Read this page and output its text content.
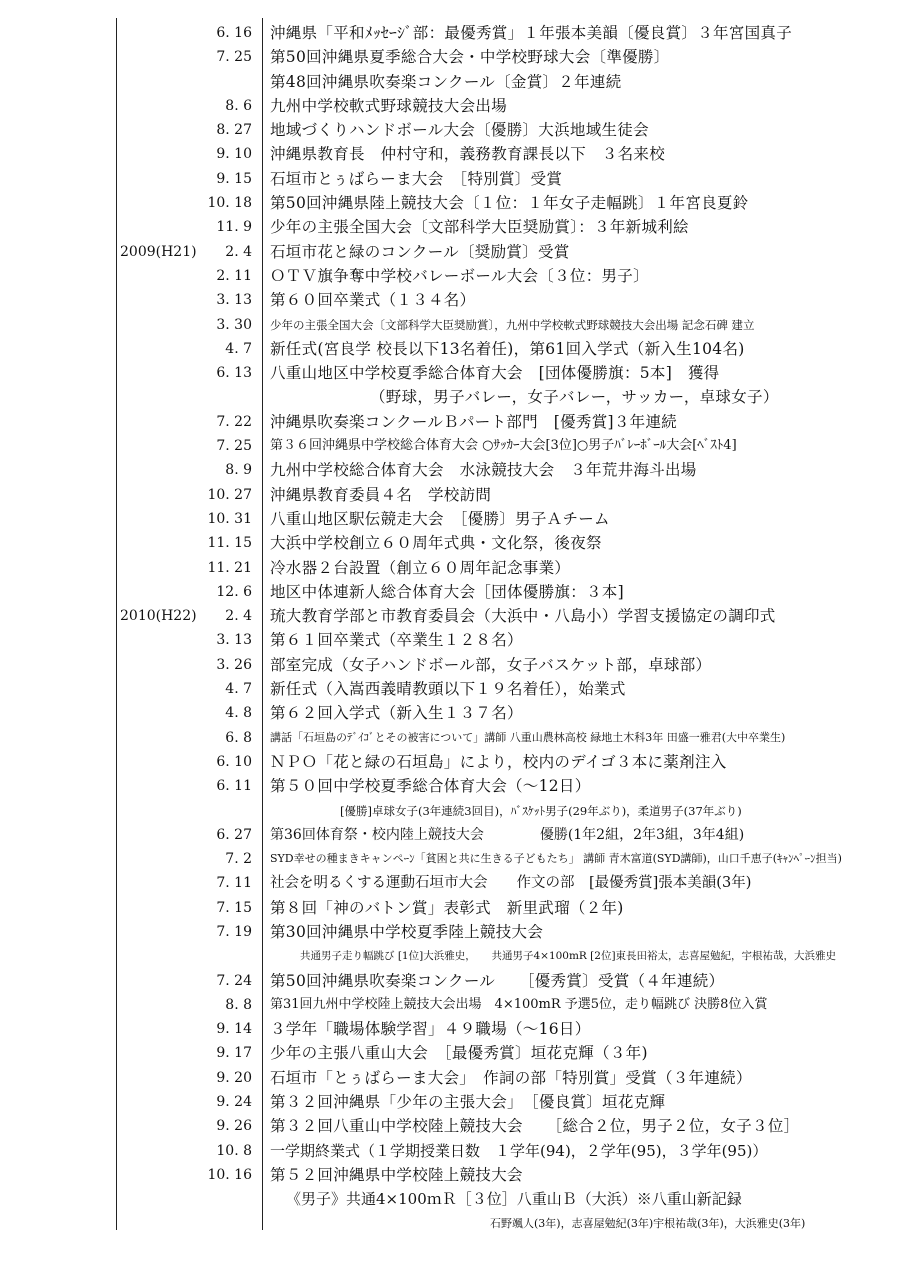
6. 16 沖縄県「平和ﾒｯｾｰｼﾞ部：最優秀賞」１年張本美韻〔優良賞〕３年宮国真子
7. 25 第50回沖縄県夏季総合大会・中学校野球大会〔準優勝〕
第48回沖縄県吹奏楽コンクール〔金賞〕２年連続
8. 6 九州中学校軟式野球競技大会出場
8. 27 地域づくりハンドボール大会〔優勝〕大浜地域生徒会
9. 10 沖縄県教育長　仲村守和，義務教育課長以下　３名来校
9. 15 石垣市とぅばらーま大会　［特別賞〕受賞
10. 18 第50回沖縄県陸上競技大会〔１位：１年女子走幅跳〕１年宮良夏鈴
11. 9 少年の主張全国大会〔文部科学大臣奨励賞〕：３年新城利絵
2009(H21)	2. 4 石垣市花と緑のコンクール〔奨励賞〕受賞
2. 11 ＯＴＶ旗争奪中学校バレーボール大会〔３位：男子〕
3. 13 第６０回卒業式（１３４名）
3. 30 少年の主張全国大会〔文部科学大臣奨励賞〕，九州中学校軟式野球競技大会出場 記念石碑 建立
4. 7 新任式(宮良学 校長以下13名着任)，第61回入学式（新入生104名)
6. 13 八重山地区中学校夏季総合体育大会　[団体優勝旗：5本]　獲得
（野球，男子バレー，女子バレー，サッカー，卓球女子）
7. 22 沖縄県吹奏楽コンクールＢパート部門　[優秀賞]３年連続
7. 25 第３６回沖縄県中学校総合体育大会 ○ｻｯｶｰ大会[3位]○男子ﾊﾞﾚｰﾎﾞｰﾙ大会[ﾍﾞｽﾄ4]
8. 9 九州中学校総合体育大会　水泳競技大会　３年荒井海斗出場
10. 27 沖縄県教育委員４名　学校訪問
10. 31 八重山地区駅伝競走大会　［優勝〕男子Ａチーム
11. 15 大浜中学校創立６０周年式典・文化祭，後夜祭
11. 21 冷水器２台設置（創立６０周年記念事業）
12. 6 地区中体連新人総合体育大会［団体優勝旗：３本]
2010(H22)	2. 4 琉大教育学部と市教育委員会（大浜中・八島小）学習支援協定の調印式
3. 13 第６１回卒業式（卒業生１２８名）
3. 26 部室完成（女子ハンドボール部，女子バスケット部，卓球部）
4. 7 新任式（入嵩西義晴教頭以下１９名着任），始業式
4. 8 第６２回入学式（新入生１３７名）
6. 8 講話「石垣島のﾃﾞｲｺﾞとその被害について」講師 八重山農林高校 緑地土木科3年 田盛一雅君(大中卒業生)
6. 10 ＮＰＯ「花と緑の石垣島」により，校内のデイゴ３本に薬剤注入
6. 11 第５０回中学校夏季総合体育大会（～12日）
[優勝]卓球女子(3年連続3回目)，ﾊﾞｽｹｯﾄ男子(29年ぶり)，柔道男子(37年ぶり)
6. 27 第36回体育祭・校内陸上競技大会　　　　優勝(1年2組，2年3組，3年4組)
7. 2 SYD幸せの種まきキャンペｰﾝ「貧困と共に生きる子どもたち」 講師 青木富道(SYD講師)，山口千恵子(ｷｬﾝﾍﾟｰﾝ担当)
7. 11 社会を明るくする運動石垣市大会　　作文の部　[最優秀賞]張本美韻(3年)
7. 15 第８回「神のバトン賞」表彰式　新里武瑠（２年)
7. 19 第30回沖縄県中学校夏季陸上競技大会
共通男子走り幅跳び [1位]大浜雅史，　　共通男子4×100mR [2位]東長田裕太，志喜屋勉紀，宇根祐哉，大浜雅史
7. 24 第50回沖縄県吹奏楽コンクール　　［優秀賞〕受賞（４年連続）
8. 8 第31回九州中学校陸上競技大会出場　4×100mR 予選5位，走り幅跳び 決勝8位入賞
9. 14 ３学年「職場体験学習」４９職場（～16日）
9. 17 少年の主張八重山大会　［最優秀賞〕垣花克輝（３年)
9. 20 石垣市「とぅばらーま大会」　作詞の部「特別賞」受賞（３年連続）
9. 24 第３２回沖縄県「少年の主張大会」　［優良賞〕垣花克輝
9. 26 第３２回八重山中学校陸上競技大会　　［総合２位，男子２位，女子３位］
10. 8 一学期終業式（１学期授業日数　１学年(94)，２学年(95)，３学年(95)）
10. 16 第５２回沖縄県中学校陸上競技大会
《男子》共通4×100ｍＲ［３位］八重山Ｂ（大浜）※八重山新記録
石野颯人(3年)，志喜屋勉紀(3年)宇根祐哉(3年)，大浜雅史(3年)
